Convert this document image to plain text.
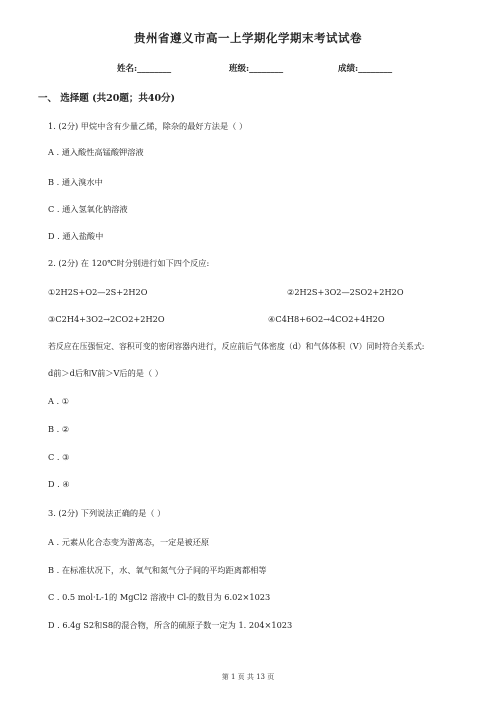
贵州省遵义市高一上学期化学期末考试试卷
姓名:________	班级:________	成绩:________
一、 选择题 (共20题；共40分)
1. (2分) 甲烷中含有少量乙烯，除杂的最好方法是（ ）
A . 通入酸性高锰酸钾溶液
B . 通入溴水中
C . 通入氢氧化钠溶液
D . 通入盐酸中
2. (2分) 在 120℃时分别进行如下四个反应:
①2H2S+O2—2S+2H2O	②2H2S+3O2—2SO2+2H2O
③C2H4+3O2→2CO2+2H2O	④C4H8+6O2→4CO2+4H2O
若反应在压强恒定、容积可变的密闭容器内进行，反应前后气体密度（d）和气体体积（V）同时符合关系式:
d前＞d后和V前＞V后的是（ ）
A . ①
B . ②
C . ③
D . ④
3. (2分) 下列说法正确的是（ ）
A . 元素从化合态变为游离态，一定是被还原
B . 在标准状况下，水、氧气和氮气分子间的平均距离都相等
C . 0.5 mol·L-1的 MgCl2 溶液中 Cl-的数目为 6.02×1023
D . 6.4g S2和S8的混合物，所含的硫原子数一定为 1. 204×1023
第 1 页 共 13 页
